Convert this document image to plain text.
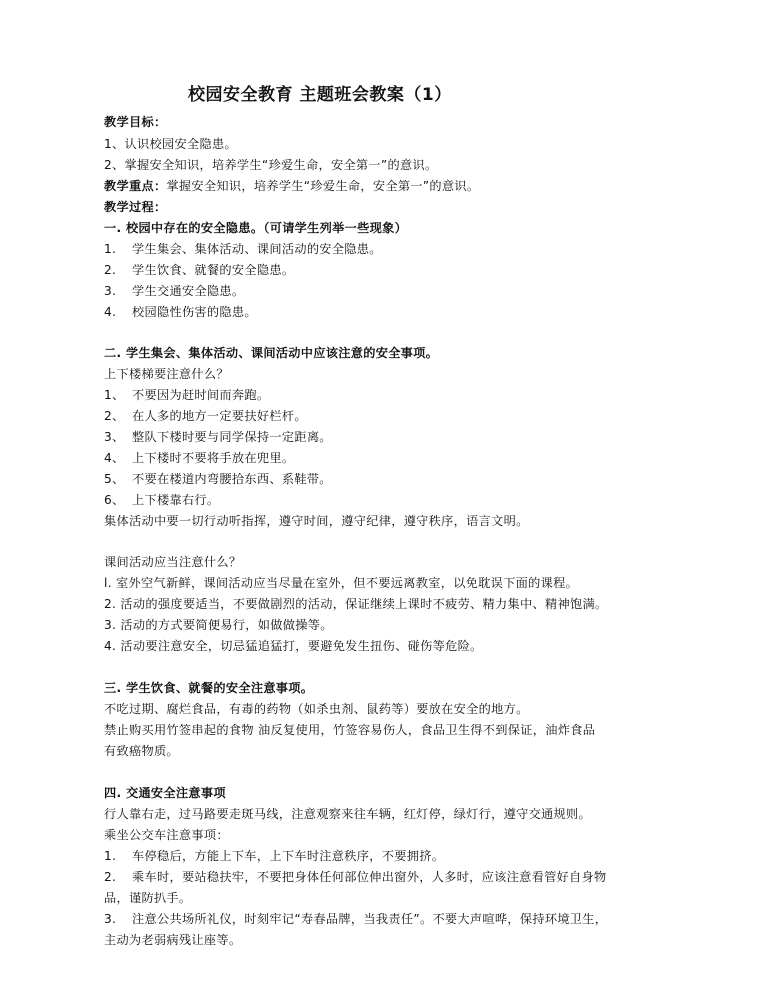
校园安全教育 主题班会教案（1）
教学目标：
1、认识校园安全隐患。
2、掌握安全知识，培养学生“珍爱生命，安全第一”的意识。
教学重点：掌握安全知识，培养学生“珍爱生命，安全第一”的意识。
教学过程：
一. 校园中存在的安全隐患。（可请学生列举一些现象）
1. 学生集会、集体活动、课间活动的安全隐患。
2. 学生饮食、就餐的安全隐患。
3. 学生交通安全隐患。
4. 校园隐性伤害的隐患。
二. 学生集会、集体活动、课间活动中应该注意的安全事项。
上下楼梯要注意什么？
1、 不要因为赶时间而奔跑。
2、 在人多的地方一定要扶好栏杆。
3、 整队下楼时要与同学保持一定距离。
4、 上下楼时不要将手放在兜里。
5、 不要在楼道内弯腰拾东西、系鞋带。
6、 上下楼靠右行。
集体活动中要一切行动听指挥，遵守时间，遵守纪律，遵守秩序，语言文明。
课间活动应当注意什么？
l. 室外空气新鲜，课间活动应当尽量在室外，但不要远离教室，以免耽误下面的课程。
2. 活动的强度要适当，不要做剧烈的活动，保证继续上课时不疲劳、精力集中、精神饱满。
3. 活动的方式要简便易行，如做做操等。
4. 活动要注意安全，切忌猛追猛打，要避免发生扭伤、碰伤等危险。
三. 学生饮食、就餐的安全注意事项。
不吃过期、腐烂食品，有毒的药物（如杀虫剂、鼠药等）要放在安全的地方。
禁止购买用竹签串起的食物 油反复使用，竹签容易伤人，食品卫生得不到保证，油炸食品
有致癌物质。
四. 交通安全注意事项
行人靠右走，过马路要走斑马线，注意观察来往车辆，红灯停，绿灯行，遵守交通规则。
乘坐公交车注意事项：
1. 车停稳后，方能上下车，上下车时注意秩序，不要拥挤。
2. 乘车时，要站稳扶牢，不要把身体任何部位伸出窗外，人多时，应该注意看管好自身物
品，谨防扒手。
3. 注意公共场所礼仪，时刻牢记“寿春品牌，当我责任”。不要大声喧哗，保持环境卫生，
主动为老弱病残让座等。
